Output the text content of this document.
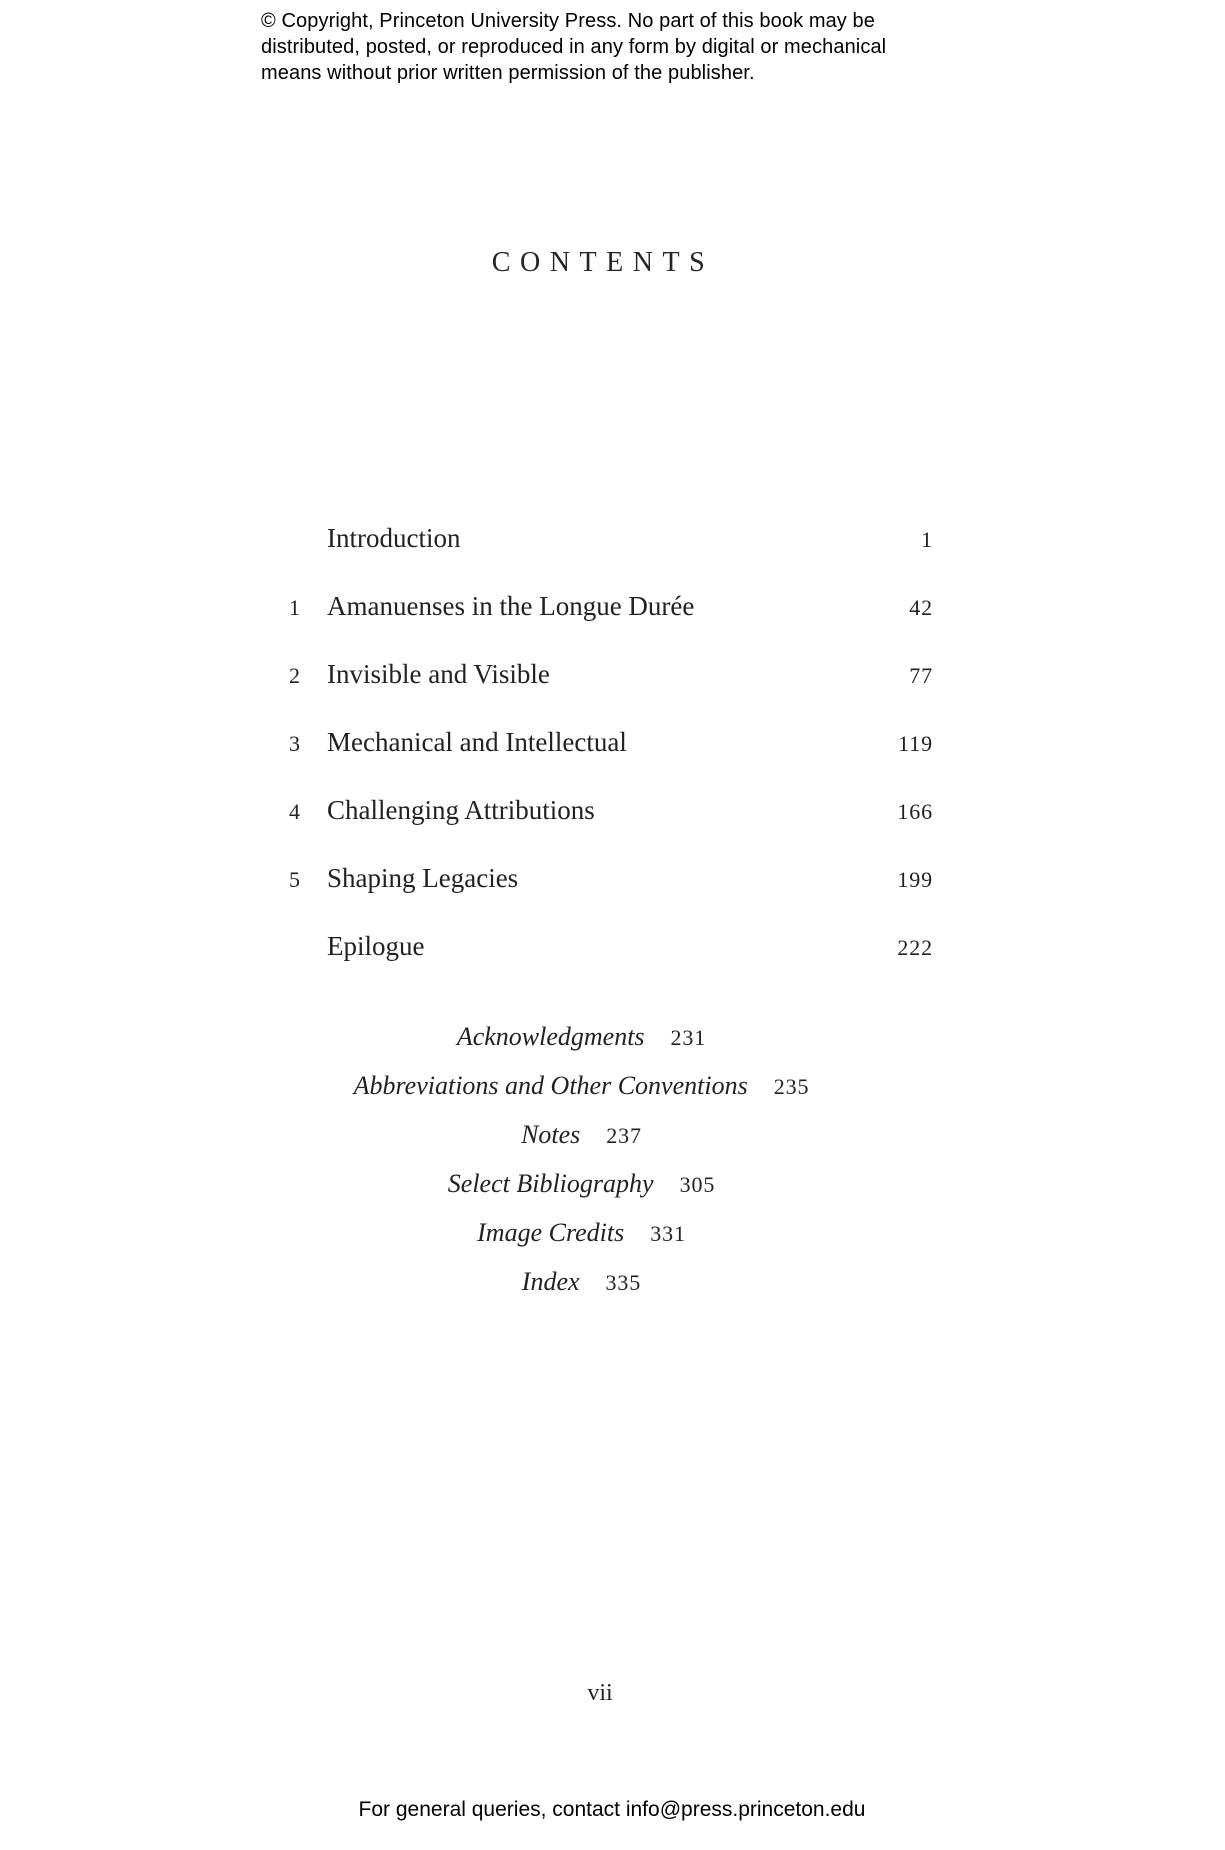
© Copyright, Princeton University Press. No part of this book may be
distributed, posted, or reproduced in any form by digital or mechanical
means without prior written permission of the publisher.
CONTENTS
Introduction	1
1 Amanuenses in the Longue Durée	42
2 Invisible and Visible	77
3 Mechanical and Intellectual	119
4 Challenging Attributions	166
5 Shaping Legacies	199
Epilogue	222
Acknowledgments 231
Abbreviations and Other Conventions 235
Notes 237
Select Bibliography 305
Image Credits 331
Index 335
vii
For general queries, contact info@press.princeton.edu
